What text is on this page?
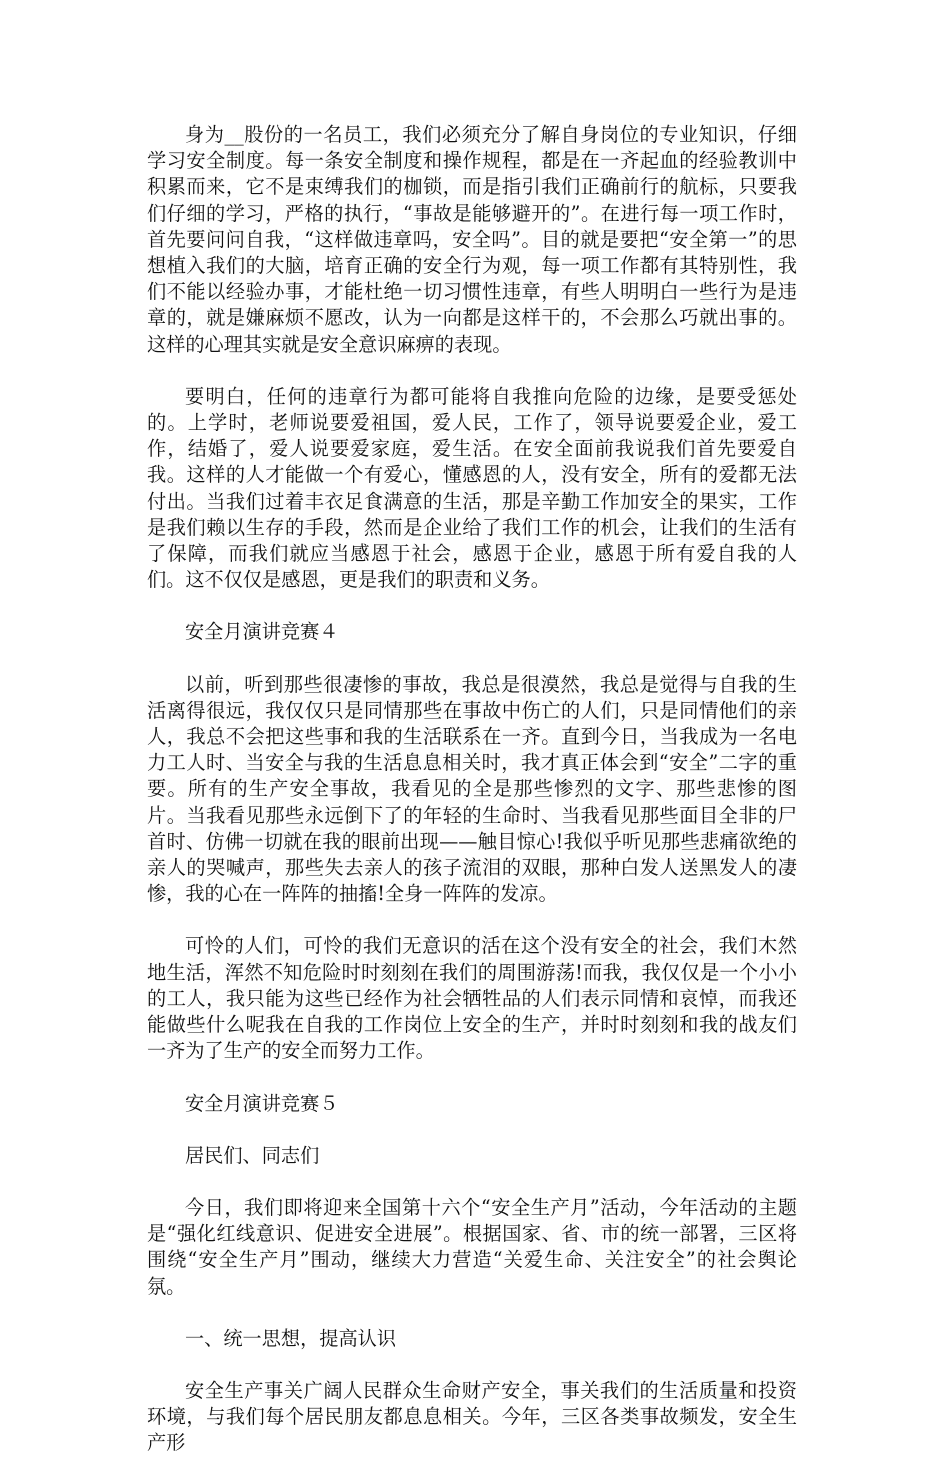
身为__股份的一名员工，我们必须充分了解自身岗位的专业知识，仔细学习安全制度。每一条安全制度和操作规程，都是在一齐起血的经验教训中积累而来，它不是束缚我们的枷锁，而是指引我们正确前行的航标，只要我们仔细的学习，严格的执行，“事故是能够避开的”。在进行每一项工作时，首先要问问自我，“这样做违章吗，安全吗”。目的就是要把“安全第一”的思想植入我们的大脑，培育正确的安全行为观，每一项工作都有其特别性，我们不能以经验办事，才能杜绝一切习惯性违章，有些人明明白一些行为是违章的，就是嫌麻烦不愿改，认为一向都是这样干的，不会那么巧就出事的。这样的心理其实就是安全意识麻痹的表现。

要明白，任何的违章行为都可能将自我推向危险的边缘，是要受惩处的。上学时，老师说要爱祖国，爱人民，工作了，领导说要爱企业，爱工作，结婚了，爱人说要爱家庭，爱生活。在安全面前我说我们首先要爱自我。这样的人才能做一个有爱心，懂感恩的人，没有安全，所有的爱都无法付出。当我们过着丰衣足食满意的生活，那是辛勤工作加安全的果实，工作是我们赖以生存的手段，然而是企业给了我们工作的机会，让我们的生活有了保障，而我们就应当感恩于社会，感恩于企业，感恩于所有爱自我的人们。这不仅仅是感恩，更是我们的职责和义务。

安全月演讲竞赛４

以前，听到那些很凄惨的事故，我总是很漠然，我总是觉得与自我的生活离得很远，我仅仅只是同情那些在事故中伤亡的人们，只是同情他们的亲人，我总不会把这些事和我的生活联系在一齐。直到今日，当我成为一名电力工人时、当安全与我的生活息息相关时，我才真正体会到“安全”二字的重要。所有的生产安全事故，我看见的全是那些惨烈的文字、那些悲惨的图片。当我看见那些永远倒下了的年轻的生命时、当我看见那些面目全非的尸首时、仿佛一切就在我的眼前出现——触目惊心!我似乎听见那些悲痛欲绝的亲人的哭喊声，那些失去亲人的孩子流泪的双眼，那种白发人送黑发人的凄惨，我的心在一阵阵的抽搐!全身一阵阵的发凉。

可怜的人们，可怜的我们无意识的活在这个没有安全的社会，我们木然地生活，浑然不知危险时时刻刻在我们的周围游荡!而我，我仅仅是一个小小的工人，我只能为这些已经作为社会牺牲品的人们表示同情和哀悼，而我还能做些什么呢我在自我的工作岗位上安全的生产，并时时刻刻和我的战友们一齐为了生产的安全而努力工作。

安全月演讲竞赛５

居民们、同志们

今日，我们即将迎来全国第十六个“安全生产月”活动，今年活动的主题是“强化红线意识、促进安全进展”。根据国家、省、市的统一部署，三区将围绕“安全生产月”围动，继续大力营造“关爱生命、关注安全”的社会舆论氛。

一、统一思想，提高认识

安全生产事关广阔人民群众生命财产安全，事关我们的生活质量和投资环境，与我们每个居民朋友都息息相关。今年，三区各类事故频发，安全生产形
